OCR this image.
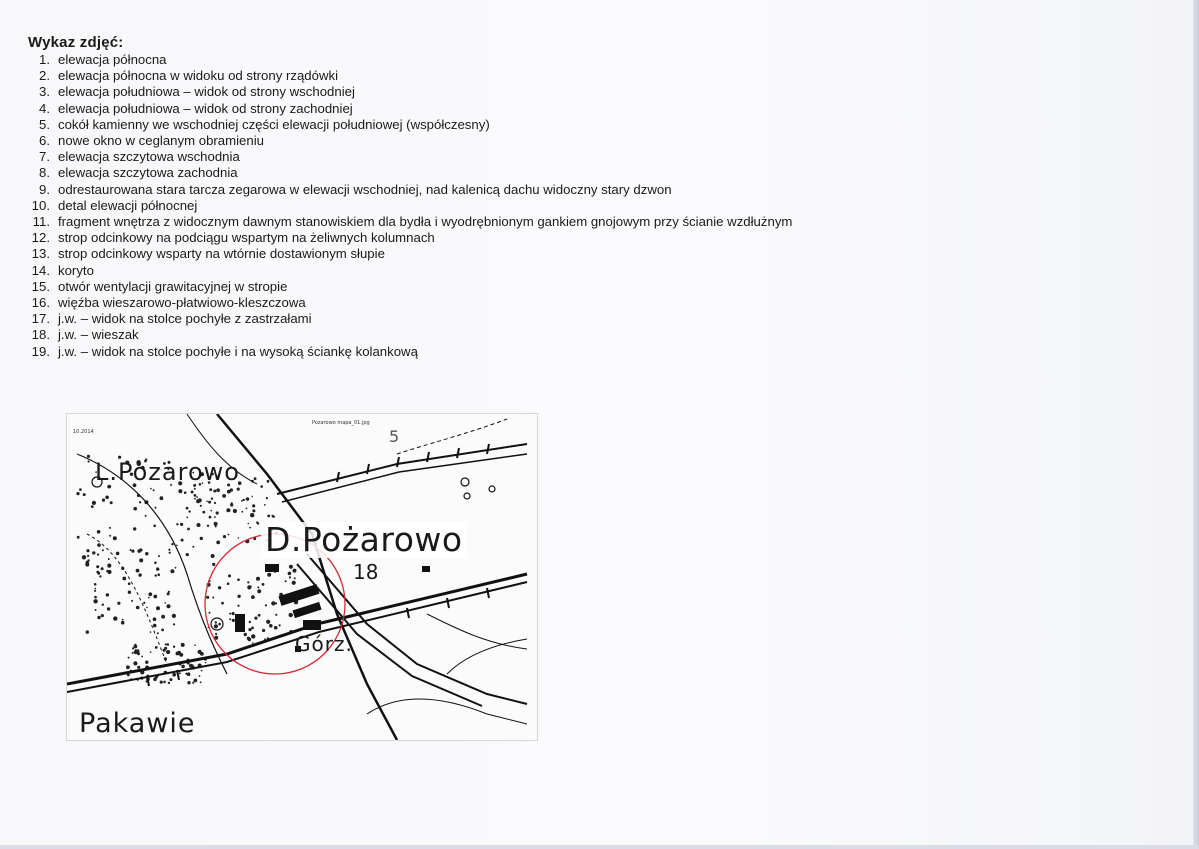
Wykaz zdjęć:
1. elewacja północna
2. elewacja północna w widoku od strony rządówki
3. elewacja południowa – widok od strony wschodniej
4. elewacja południowa – widok od strony zachodniej
5. cokół kamienny we wschodniej części elewacji południowej (współczesny)
6. nowe okno w ceglanym obramieniu
7. elewacja szczytowa wschodnia
8. elewacja szczytowa zachodnia
9. odrestaurowana stara tarcza zegarowa w elewacji wschodniej, nad kalenicą dachu widoczny stary dzwon
10. detal elewacji północnej
11. fragment wnętrza z widocznym dawnym stanowiskiem dla bydła i wyodrębnionym gankiem gnojowym przy ścianie wzdłużnym
12. strop odcinkowy na podciągu wspartym na żeliwnych kolumnach
13. strop odcinkowy wsparty na wtórnie dostawionym słupie
14. koryto
15. otwór wentylacji grawitacyjnej w stropie
16. więźba wieszarowo-płatwiowo-kleszczowa
17. j.w. – widok na stolce pochyłe z zastrzałami
18. j.w. – wieszak
19. j.w. – widok na stolce pochyłe i na wysoką ściankę kolankową
Pozarowo mapa_01.jpg
10.2014
L.Pozarowo
5
D.Pożarowo
18
Górz.
Pakawie
